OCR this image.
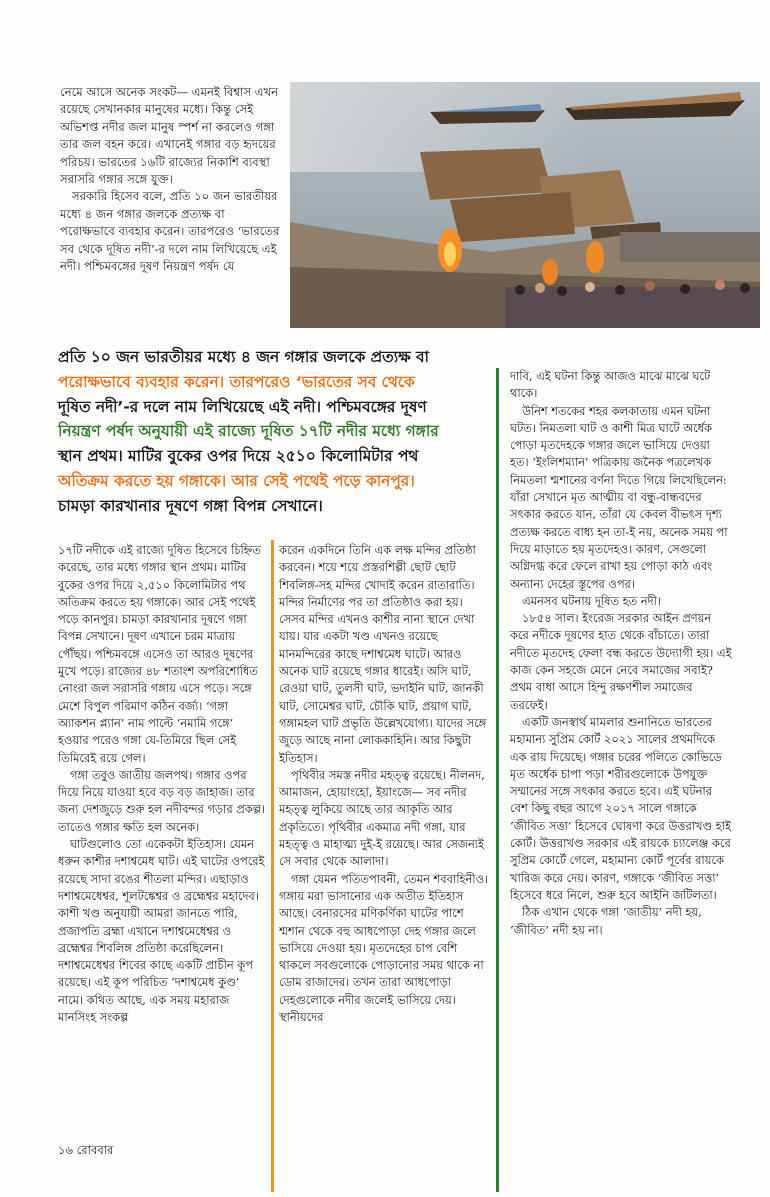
নেমে আসে অনেক সংকট— এমনই বিশ্বাস এখন রয়েছে সেখানকার মানুষের মধ্যে। কিন্তু সেই অভিশপ্ত নদীর জল মানুষ স্পর্শ না করলেও গঙ্গা তার জল বহন করে। এখানেই গঙ্গার বড় হৃদয়ের পরিচয়। ভারতের ১৬টি রাজ্যের নিকাশি ব্যবস্থা সরাসরি গঙ্গার সঙ্গে যুক্ত।

সরকারি হিসেব বলে, প্রতি ১০ জন ভারতীয়র মধ্যে ৪ জন গঙ্গার জলকে প্রত্যক্ষ বা পরোক্ষভাবে ব্যবহার করেন। তারপরেও ‘ভারতের সব থেকে দূষিত নদী’-র দলে নাম লিখিয়েছে এই নদী। পশ্চিমবঙ্গের দূষণ নিয়ন্ত্রণ পর্ষদ যে

প্রতি ১০ জন ভারতীয়র মধ্যে ৪ জন গঙ্গার জলকে প্রত্যক্ষ বা
পরোক্ষভাবে ব্যবহার করেন। তারপরেও ‘ভারতের সব থেকে
দূষিত নদী’-র দলে নাম লিখিয়েছে এই নদী। পশ্চিমবঙ্গের দূষণ
নিয়ন্ত্রণ পর্ষদ অনুযায়ী এই রাজ্যে দূষিত ১৭টি নদীর মধ্যে গঙ্গার
স্থান প্রথম। মাটির বুকের ওপর দিয়ে ২৫১০ কিলোমিটার পথ
অতিক্রম করতে হয় গঙ্গাকে। আর সেই পথেই পড়ে কানপুর।
চামড়া কারখানার দূষণে গঙ্গা বিপন্ন সেখানে।

১৭টি নদীকে এই রাজ্যে দূষিত হিসেবে চিহ্নিত করেছে, তার মধ্যে গঙ্গার স্থান প্রথম। মাটির বুকের ওপর দিয়ে ২,৫১০ কিলোমিটার পথ অতিক্রম করতে হয় গঙ্গাকে। আর সেই পথেই পড়ে কানপুর। চামড়া কারখানার দূষণে গঙ্গা বিপন্ন সেখানে। দূষণ এখানে চরম মাত্রায় পৌঁছয়। পশ্চিমবঙ্গে এসেও তা আরও দূষণের মুখে পড়ে। রাজ্যের ৪৮ শতাংশ অপরিশোধিত নোংরা জল সরাসরি গঙ্গায় এসে পড়ে। সঙ্গে মেশে বিপুল পরিমাণ কঠিন বর্জ্য। ‘গঙ্গা অ্যাকশন প্ল্যান’ নাম পাল্টে ‘নমামি গঙ্গে’ হওয়ার পরেও গঙ্গা যে-তিমিরে ছিল সেই তিমিরেই রয়ে গেল।

গঙ্গা তবুও জাতীয় জলপথ। গঙ্গার ওপর দিয়ে নিয়ে যাওয়া হবে বড় বড় জাহাজ। তার জন্য দেশজুড়ে শুরু হল নদীবন্দর গড়ার প্রকল্প। তাতেও গঙ্গার ক্ষতি হল অনেক।

ঘাটগুলোও তো একেকটা ইতিহাস। যেমন ধরুন কাশীর দশাশ্বমেধ ঘাট। এই ঘাটের ওপরেই রয়েছে সাদা রঙের শীতলা মন্দির। এছাড়াও দশাশ্বমেধেশ্বর, শূলটঙ্কেশ্বর ও ব্রহ্মেশ্বর মহাদেব। কাশী খণ্ড অনুযায়ী আমরা জানতে পারি, প্রজাপতি ব্রহ্মা এখানে দশাশ্বমেধেশ্বর ও ব্রহ্মেশ্বর শিবলিঙ্গ প্রতিষ্ঠা করেছিলেন। দশাশ্বমেধেশ্বর শিবের কাছে একটি প্রাচীন কূপ রয়েছে। এই কূপ পরিচিত ‘দশাশ্বমেধ কুণ্ড’ নামে। কথিত আছে, এক সময় মহারাজ মানসিংহ সংকল্প

করেন একদিনে তিনি এক লক্ষ মন্দির প্রতিষ্ঠা করবেন। শয়ে শয়ে প্রস্তরশিল্পী ছোট ছোট শিবলিঙ্গ-সহ মন্দির খোদাই করেন রাতারাতি। মন্দির নির্মাণের পর তা প্রতিষ্ঠাও করা হয়। সেসব মন্দির এখনও কাশীর নানা স্থানে দেখা যায়। যার একটা খণ্ড এখনও রয়েছে মানমন্দিরের কাছে দশাশ্বমেধ ঘাটে। আরও অনেক ঘাট রয়েছে গঙ্গার ধারেই। অসি ঘাট, রেওয়া ঘাট, তুলসী ঘাট, ভদাইনি ঘাট, জানকী ঘাট, সোমেশ্বর ঘাট, চৌকি ঘাট, প্রয়াগ ঘাট, গঙ্গামহল ঘাট প্রভৃতি উল্লেখযোগ্য। যাদের সঙ্গে জুড়ে আছে নানা লোককাহিনি। আর কিছুটা ইতিহাস।

পৃথিবীর সমস্ত নদীর মহত্ত্ব রয়েছে। নীলনদ, আমাজন, হোয়াংহো, ইয়াংজে— সব নদীর মহত্ত্ব লুকিয়ে আছে তার আকৃতি আর প্রকৃতিতে। পৃথিবীর একমাত্র নদী গঙ্গা, যার মহত্ত্ব ও মাহাত্ম্য দুই-ই রয়েছে। আর সেজন্যই সে সবার থেকে আলাদা।

গঙ্গা যেমন পতিতপাবনী, তেমন শববাহিনীও। গঙ্গায় মরা ভাসানোর এক অতীত ইতিহাস আছে। বেনারসের মণিকর্ণিকা ঘাটের পাশে শ্মশান থেকে বহু আধপোড়া দেহ গঙ্গার জলে ভাসিয়ে দেওয়া হয়। মৃতদেহের চাপ বেশি থাকলে সবগুলোকে পোড়ানোর সময় থাকে না ডোম রাজাদের। তখন তারা আধপোড়া দেহগুলোকে নদীর জলেই ভাসিয়ে দেয়। স্থানীয়দের

দাবি, এই ঘটনা কিন্তু আজও মাঝে মাঝে ঘটে থাকে।

উনিশ শতকের শহর কলকাতায় এমন ঘটনা ঘটত। নিমতলা ঘাট ও কাশী মিত্র ঘাটে অর্ধেক পোড়া মৃতদেহকে গঙ্গার জলে ভাসিয়ে দেওয়া হত। ‘ইংলিশম্যান’ পত্রিকায় জনৈক পত্রলেখক নিমতলা শ্মশানের বর্ণনা দিতে গিয়ে লিখেছিলেন: যাঁরা সেখানে মৃত আত্মীয় বা বন্ধু-বান্ধবদের সৎকার করতে যান, তাঁরা যে কেবল বীভৎস দৃশ্য প্রত্যক্ষ করতে বাধ্য হন তা-ই নয়, অনেক সময় পা দিয়ে মাড়াতে হয় মৃতদেহও। কারণ, সেগুলো অগ্নিদগ্ধ করে ফেলে রাখা হয় পোড়া কাঠ এবং অন্যান্য দেহের স্তূপের ওপর।

এমনসব ঘটনায় দূষিত হত নদী।

১৮৫৪ সাল। ইংরেজ সরকার আইন প্রণয়ন করে নদীকে দূষণের হাত থেকে বাঁচাতে। তারা নদীতে মৃতদেহ ফেলা বন্ধ করতে উদ্যোগী হয়। এই কাজ কেন সহজে মেনে নেবে সমাজের সবাই? প্রথম বাধা আসে হিন্দু রক্ষণশীল সমাজের তরফেই।

একটি জনস্বার্থ মামলার শুনানিতে ভারতের মহামান্য সুপ্রিম কোর্ট ২০২১ সালের প্রথমদিকে এক রায় দিয়েছে। গঙ্গার চরের পলিতে কোভিডে মৃত অর্ধেক চাপা পড়া শরীরগুলোকে উপযুক্ত সম্মানের সঙ্গে সৎকার করতে হবে। এই ঘটনার বেশ কিছু বছর আগে ২০১৭ সালে গঙ্গাকে ‘জীবিত সত্তা’ হিসেবে ঘোষণা করে উত্তরাখণ্ড হাই কোর্ট। উত্তরাখণ্ড সরকার এই রায়কে চ্যালেঞ্জ করে সুপ্রিম কোর্টে গেলে, মহামান্য কোর্ট পূর্বের রায়কে খারিজ করে দেয়। কারণ, গঙ্গাকে ‘জীবিত সত্তা’ হিসেবে ধরে নিলে, শুরু হবে আইনি জটিলতা।

ঠিক এখান থেকে গঙ্গা ‘জাতীয়’ নদী হয়, ‘জীবিত’ নদী হয় না।

১৬ রোববার
